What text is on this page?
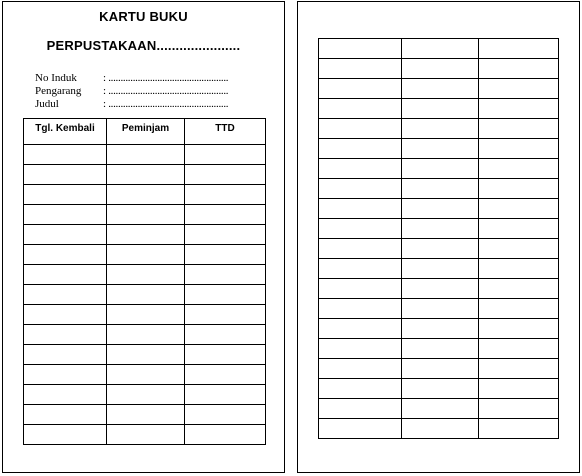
KARTU BUKU
PERPUSTAKAAN......................
No Induk	: .................................................
Pengarang	: .................................................
Judul	: .................................................
Tgl. Kembali	Peminjam	TTD
